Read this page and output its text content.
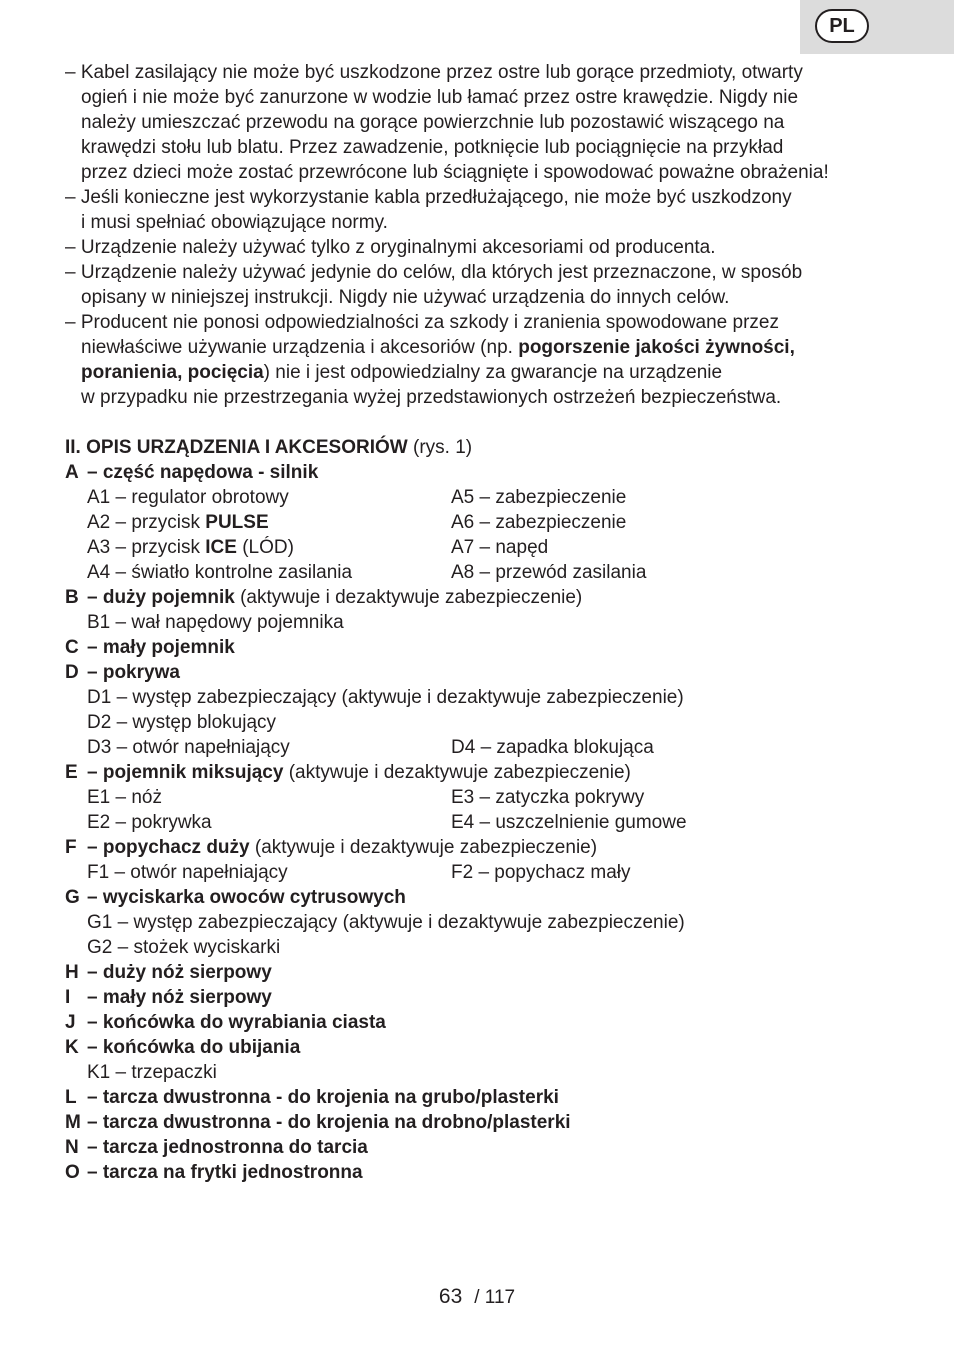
PL
– Kabel zasilający nie może być uszkodzone przez ostre lub gorące przedmioty, otwarty
ogień i nie może być zanurzone w wodzie lub łamać przez ostre krawędzie. Nigdy nie
należy umieszczać przewodu na gorące powierzchnie lub pozostawić wiszącego na
krawędzi stołu lub blatu. Przez zawadzenie, potknięcie lub pociągnięcie na przykład
przez dzieci może zostać przewrócone lub ściągnięte i spowodować poważne obrażenia!
– Jeśli konieczne jest wykorzystanie kabla przedłużającego, nie może być uszkodzony
i musi spełniać obowiązujące normy.
– Urządzenie należy używać tylko z oryginalnymi akcesoriami od producenta.
– Urządzenie należy używać jedynie do celów, dla których jest przeznaczone, w sposób
opisany w niniejszej instrukcji. Nigdy nie używać urządzenia do innych celów.
– Producent nie ponosi odpowiedzialności za szkody i zranienia spowodowane przez
niewłaściwe używanie urządzenia i akcesoriów (np. pogorszenie jakości żywności,
poranienia, pocięcia) nie i jest odpowiedzialny za gwarancje na urządzenie
w przypadku nie przestrzegania wyżej przedstawionych ostrzeżeń bezpieczeństwa.
II. OPIS URZĄDZENIA I AKCESORIÓW (rys. 1)
A – część napędowa - silnik
A1 – regulator obrotowy	A5 – zabezpieczenie
A2 – przycisk PULSE	A6 – zabezpieczenie
A3 – przycisk ICE (LÓD)	A7 – napęd
A4 – światło kontrolne zasilania	A8 – przewód zasilania
B – duży pojemnik (aktywuje i dezaktywuje zabezpieczenie)
B1 – wał napędowy pojemnika
C – mały pojemnik
D – pokrywa
D1 – występ zabezpieczający (aktywuje i dezaktywuje zabezpieczenie)
D2 – występ blokujący
D3 – otwór napełniający	D4 – zapadka blokująca
E – pojemnik miksujący (aktywuje i dezaktywuje zabezpieczenie)
E1 – nóż	E3 – zatyczka pokrywy
E2 – pokrywka	E4 – uszczelnienie gumowe
F – popychacz duży (aktywuje i dezaktywuje zabezpieczenie)
F1 – otwór napełniający	F2 – popychacz mały
G – wyciskarka owoców cytrusowych
G1 – występ zabezpieczający (aktywuje i dezaktywuje zabezpieczenie)
G2 – stożek wyciskarki
H – duży nóż sierpowy
I – mały nóż sierpowy
J – końcówka do wyrabiania ciasta
K – końcówka do ubijania
K1 – trzepaczki
L – tarcza dwustronna - do krojenia na grubo/plasterki
M – tarcza dwustronna - do krojenia na drobno/plasterki
N – tarcza jednostronna do tarcia
O – tarcza na frytki jednostronna
63 / 117
